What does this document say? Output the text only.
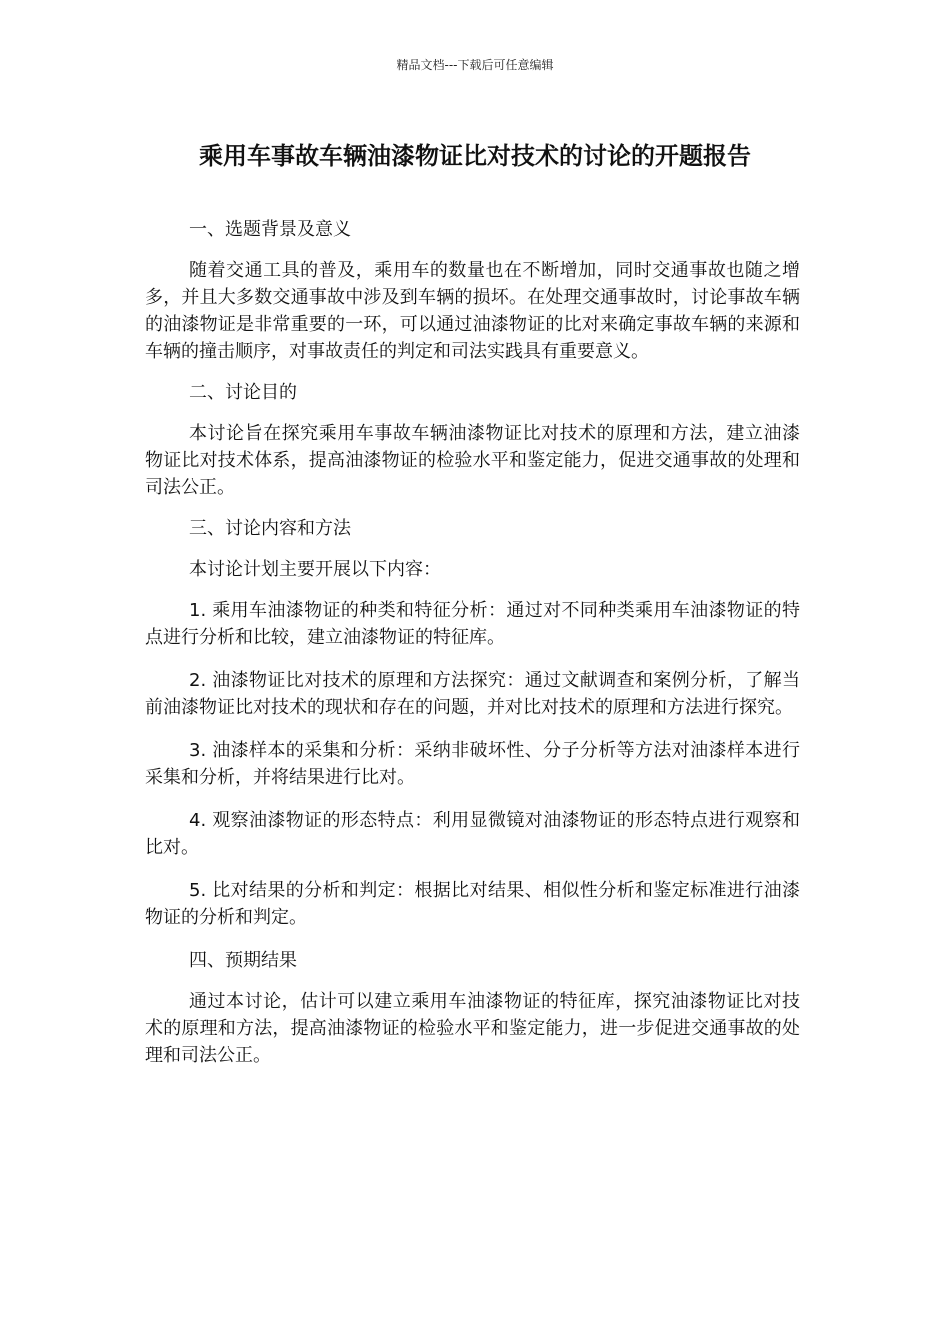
精品文档---下载后可任意编辑
乘用车事故车辆油漆物证比对技术的讨论的开题报告

一、选题背景及意义

随着交通工具的普及，乘用车的数量也在不断增加，同时交通事故也随之增多，并且大多数交通事故中涉及到车辆的损坏。在处理交通事故时，讨论事故车辆的油漆物证是非常重要的一环，可以通过油漆物证的比对来确定事故车辆的来源和车辆的撞击顺序，对事故责任的判定和司法实践具有重要意义。

二、讨论目的

本讨论旨在探究乘用车事故车辆油漆物证比对技术的原理和方法，建立油漆物证比对技术体系，提高油漆物证的检验水平和鉴定能力，促进交通事故的处理和司法公正。

三、讨论内容和方法

本讨论计划主要开展以下内容：

1. 乘用车油漆物证的种类和特征分析：通过对不同种类乘用车油漆物证的特点进行分析和比较，建立油漆物证的特征库。

2. 油漆物证比对技术的原理和方法探究：通过文献调查和案例分析，了解当前油漆物证比对技术的现状和存在的问题，并对比对技术的原理和方法进行探究。

3. 油漆样本的采集和分析：采纳非破坏性、分子分析等方法对油漆样本进行采集和分析，并将结果进行比对。

4. 观察油漆物证的形态特点：利用显微镜对油漆物证的形态特点进行观察和比对。

5. 比对结果的分析和判定：根据比对结果、相似性分析和鉴定标准进行油漆物证的分析和判定。

四、预期结果

通过本讨论，估计可以建立乘用车油漆物证的特征库，探究油漆物证比对技术的原理和方法，提高油漆物证的检验水平和鉴定能力，进一步促进交通事故的处理和司法公正。
